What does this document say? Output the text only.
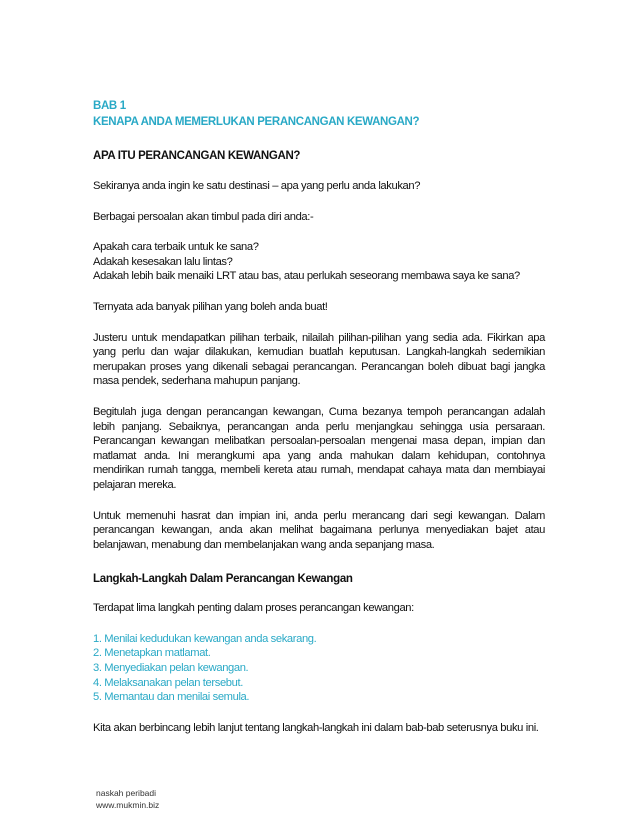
BAB 1
KENAPA ANDA MEMERLUKAN PERANCANGAN KEWANGAN?
APA ITU PERANCANGAN KEWANGAN?

Sekiranya anda ingin ke satu destinasi – apa yang perlu anda lakukan?

Berbagai persoalan akan timbul pada diri anda:-

Apakah cara terbaik untuk ke sana?

Adakah kesesakan lalu lintas?

Adakah lebih baik menaiki LRT atau bas, atau perlukah seseorang membawa saya ke sana?

Ternyata ada banyak pilihan yang boleh anda buat!

Justeru untuk mendapatkan pilihan terbaik, nilailah pilihan-pilihan yang sedia ada. Fikirkan apa yang perlu dan wajar dilakukan, kemudian buatlah keputusan. Langkah-langkah sedemikian merupakan proses yang dikenali sebagai perancangan. Perancangan boleh dibuat bagi jangka masa pendek, sederhana mahupun panjang.

Begitulah juga dengan perancangan kewangan, Cuma bezanya tempoh perancangan adalah lebih panjang. Sebaiknya, perancangan anda perlu menjangkau sehingga usia persaraan. Perancangan kewangan melibatkan persoalan-persoalan mengenai masa depan, impian dan matlamat anda. Ini merangkumi apa yang anda mahukan dalam kehidupan, contohnya mendirikan rumah tangga, membeli kereta atau rumah, mendapat cahaya mata dan membiayai pelajaran mereka.

Untuk memenuhi hasrat dan impian ini, anda perlu merancang dari segi kewangan. Dalam perancangan kewangan, anda akan melihat bagaimana perlunya menyediakan bajet atau belanjawan, menabung dan membelanjakan wang anda sepanjang masa.

Langkah-Langkah Dalam Perancangan Kewangan

Terdapat lima langkah penting dalam proses perancangan kewangan:

1. Menilai kedudukan kewangan anda sekarang.

2. Menetapkan matlamat.

3. Menyediakan pelan kewangan.

4. Melaksanakan pelan tersebut.

5. Memantau dan menilai semula.

Kita akan berbincang lebih lanjut tentang langkah-langkah ini dalam bab-bab seterusnya buku ini.

naskah peribadi
www.mukmin.biz
